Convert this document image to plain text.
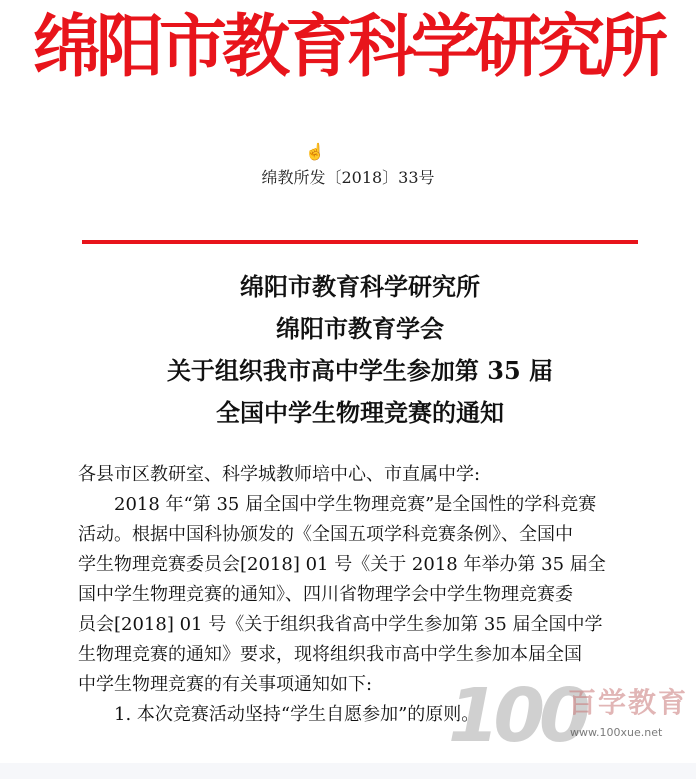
绵阳市教育科学研究所
☝
绵教所发〔2018〕33号
绵阳市教育科学研究所
绵阳市教育学会
关于组织我市高中学生参加第 35 届
全国中学生物理竞赛的通知

各县市区教研室、科学城教师培中心、市直属中学:

2018 年“第 35 届全国中学生物理竞赛”是全国性的学科竞赛
活动。根据中国科协颁发的《全国五项学科竞赛条例》、全国中
学生物理竞赛委员会[2018] 01 号《关于 2018 年举办第 35 届全
国中学生物理竞赛的通知》、四川省物理学会中学生物理竞赛委
员会[2018] 01 号《关于组织我省高中学生参加第 35 届全国中学
生物理竞赛的通知》要求，现将组织我市高中学生参加本届全国
中学生物理竞赛的有关事项通知如下:

1. 本次竞赛活动坚持“学生自愿参加”的原则。

100
百学教育
www.100xue.net
